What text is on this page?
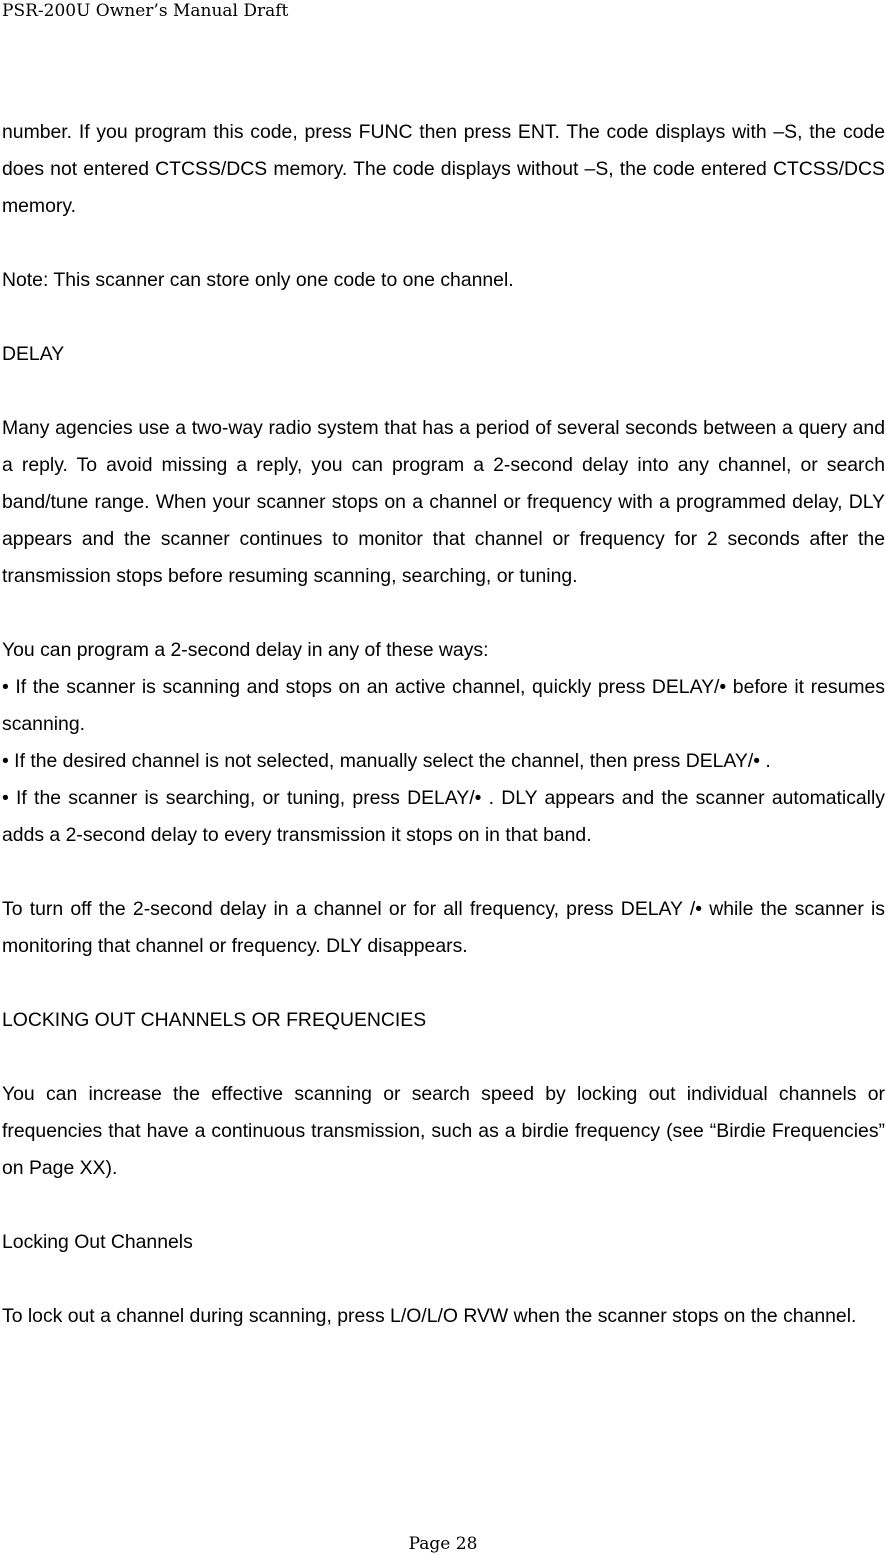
PSR-200U Owner’s Manual Draft

number. If you program this code, press FUNC then press ENT. The code displays with –S, the code does not entered CTCSS/DCS memory. The code displays without –S, the code entered CTCSS/DCS memory.

Note: This scanner can store only one code to one channel.

DELAY

Many agencies use a two-way radio system that has a period of several seconds between a query and a reply. To avoid missing a reply, you can program a 2-second delay into any channel, or search band/tune range. When your scanner stops on a channel or frequency with a programmed delay, DLY appears and the scanner continues to monitor that channel or frequency for 2 seconds after the transmission stops before resuming scanning, searching, or tuning.

You can program a 2-second delay in any of these ways:

• If the scanner is scanning and stops on an active channel, quickly press DELAY/• before it resumes scanning.

• If the desired channel is not selected, manually select the channel, then press DELAY/• .

• If the scanner is searching, or tuning, press DELAY/• . DLY appears and the scanner automatically adds a 2-second delay to every transmission it stops on in that band.

To turn off the 2-second delay in a channel or for all frequency, press DELAY /• while the scanner is monitoring that channel or frequency. DLY disappears.

LOCKING OUT CHANNELS OR FREQUENCIES

You can increase the effective scanning or search speed by locking out individual channels or frequencies that have a continuous transmission, such as a birdie frequency (see “Birdie Frequencies” on Page XX).

Locking Out Channels

To lock out a channel during scanning, press L/O/L/O RVW when the scanner stops on the channel.

Page 28
